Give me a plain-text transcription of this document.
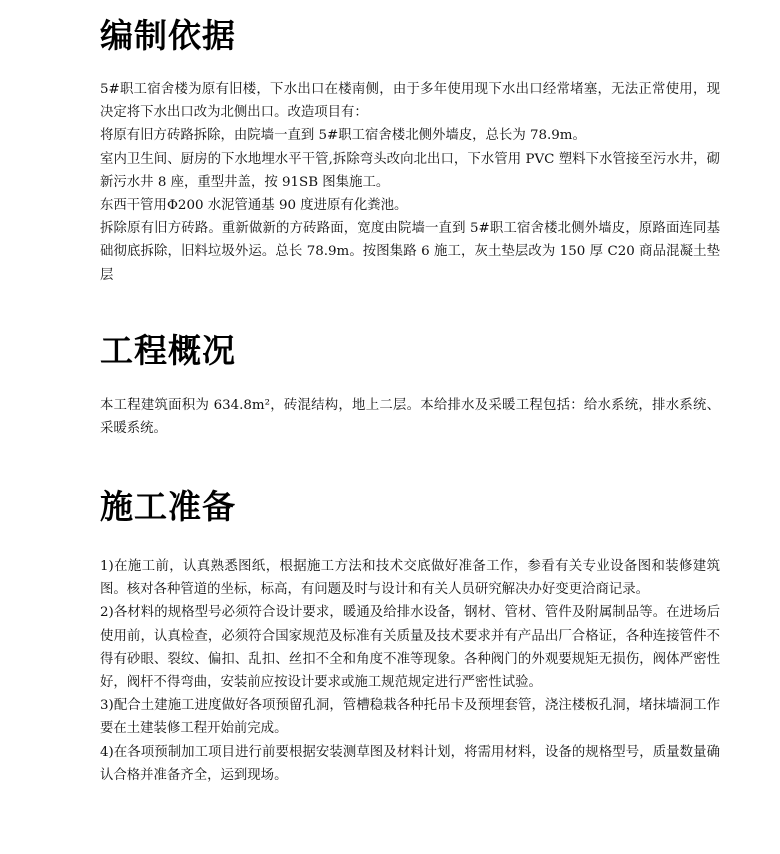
编制依据

5#职工宿舍楼为原有旧楼，下水出口在楼南侧，由于多年使用现下水出口经常堵塞，无法正常使用，现决定将下水出口改为北侧出口。改造项目有：

将原有旧方砖路拆除，由院墙一直到 5#职工宿舍楼北侧外墙皮，总长为 78.9m。

室内卫生间、厨房的下水地埋水平干管,拆除弯头改向北出口，下水管用 PVC 塑料下水管接至污水井，砌新污水井 8 座，重型井盖，按 91SB 图集施工。

东西干管用Φ200 水泥管通基 90 度进原有化粪池。

拆除原有旧方砖路。重新做新的方砖路面，宽度由院墙一直到 5#职工宿舍楼北侧外墙皮，原路面连同基础彻底拆除，旧料垃圾外运。总长 78.9m。按图集路 6 施工，灰土垫层改为 150 厚 C20 商品混凝土垫层

工程概况

本工程建筑面积为 634.8m²，砖混结构，地上二层。本给排水及采暖工程包括：给水系统，排水系统、采暖系统。

施工准备

1)在施工前，认真熟悉图纸，根据施工方法和技术交底做好准备工作，参看有关专业设备图和装修建筑图。核对各种管道的坐标，标高，有问题及时与设计和有关人员研究解决办好变更洽商记录。

2)各材料的规格型号必须符合设计要求，暖通及给排水设备，钢材、管材、管件及附属制品等。在进场后使用前，认真检查，必须符合国家规范及标准有关质量及技术要求并有产品出厂合格证，各种连接管件不得有砂眼、裂纹、偏扣、乱扣、丝扣不全和角度不准等现象。各种阀门的外观要规矩无损伤，阀体严密性好，阀杆不得弯曲，安装前应按设计要求或施工规范规定进行严密性试验。

3)配合土建施工进度做好各项预留孔洞，管槽稳栽各种托吊卡及预埋套管，浇注楼板孔洞，堵抹墙洞工作要在土建装修工程开始前完成。

4)在各项预制加工项目进行前要根据安装测草图及材料计划，将需用材料，设备的规格型号，质量数量确认合格并准备齐全，运到现场。
